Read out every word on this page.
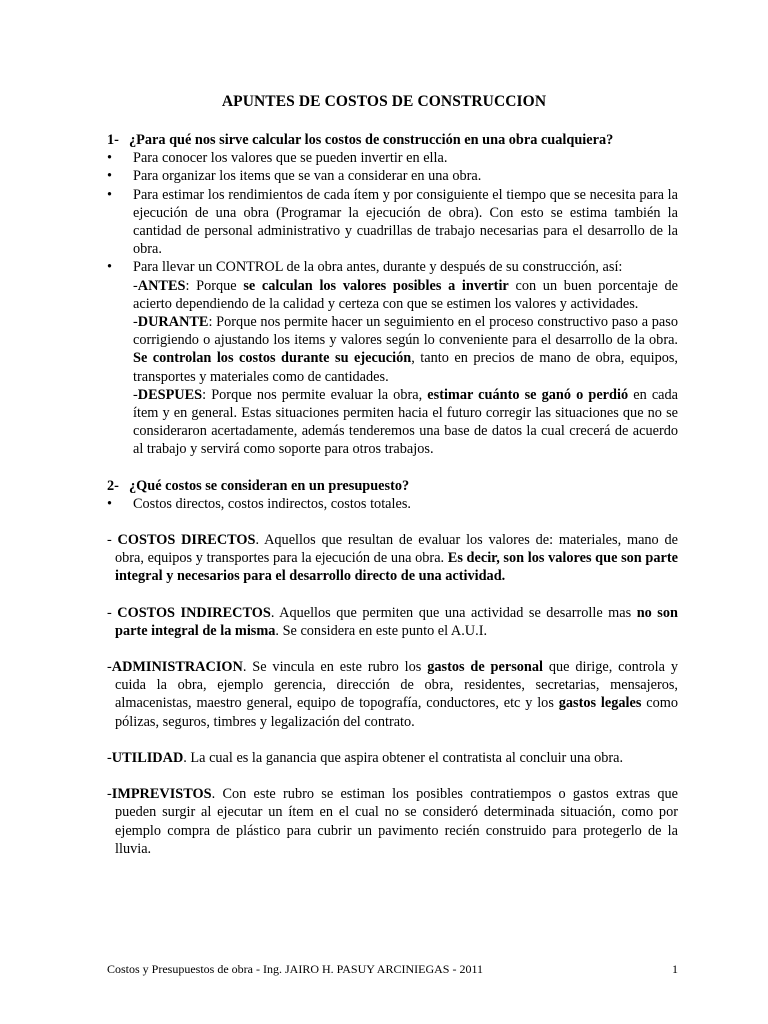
APUNTES DE COSTOS DE CONSTRUCCION

1- ¿Para qué nos sirve calcular los costos de construcción en una obra cualquiera?

• Para conocer los valores que se pueden invertir en ella.
• Para organizar los items que se van a considerar en una obra.
• Para estimar los rendimientos de cada ítem y por consiguiente el tiempo que se necesita para la ejecución de una obra (Programar la ejecución de obra). Con esto se estima también la cantidad de personal administrativo y cuadrillas de trabajo necesarias para el desarrollo de la obra.
• Para llevar un CONTROL de la obra antes, durante y después de su construcción, así:
-ANTES: Porque se calculan los valores posibles a invertir con un buen porcentaje de acierto dependiendo de la calidad y certeza con que se estimen los valores y actividades.
-DURANTE: Porque nos permite hacer un seguimiento en el proceso constructivo paso a paso corrigiendo o ajustando los items y valores según lo conveniente para el desarrollo de la obra. Se controlan los costos durante su ejecución, tanto en precios de mano de obra, equipos, transportes y materiales como de cantidades.
-DESPUES: Porque nos permite evaluar la obra, estimar cuánto se ganó o perdió en cada ítem y en general. Estas situaciones permiten hacia el futuro corregir las situaciones que no se consideraron acertadamente, además tenderemos una base de datos la cual crecerá de acuerdo al trabajo y servirá como soporte para otros trabajos.

2- ¿Qué costos se consideran en un presupuesto?

• Costos directos, costos indirectos, costos totales.

- COSTOS DIRECTOS. Aquellos que resultan de evaluar los valores de: materiales, mano de obra, equipos y transportes para la ejecución de una obra. Es decir, son los valores que son parte integral y necesarios para el desarrollo directo de una actividad.

- COSTOS INDIRECTOS. Aquellos que permiten que una actividad se desarrolle mas no son parte integral de la misma. Se considera en este punto el A.U.I.

-ADMINISTRACION. Se vincula en este rubro los gastos de personal que dirige, controla y cuida la obra, ejemplo gerencia, dirección de obra, residentes, secretarias, mensajeros, almacenistas, maestro general, equipo de topografía, conductores, etc y los gastos legales como pólizas, seguros, timbres y legalización del contrato.

-UTILIDAD. La cual es la ganancia que aspira obtener el contratista al concluir una obra.

-IMPREVISTOS. Con este rubro se estiman los posibles contratiempos o gastos extras que pueden surgir al ejecutar un ítem en el cual no se consideró determinada situación, como por ejemplo compra de plástico para cubrir un pavimento recién construido para protegerlo de la lluvia.

Costos y Presupuestos de obra - Ing. JAIRO H. PASUY ARCINIEGAS - 2011	1
